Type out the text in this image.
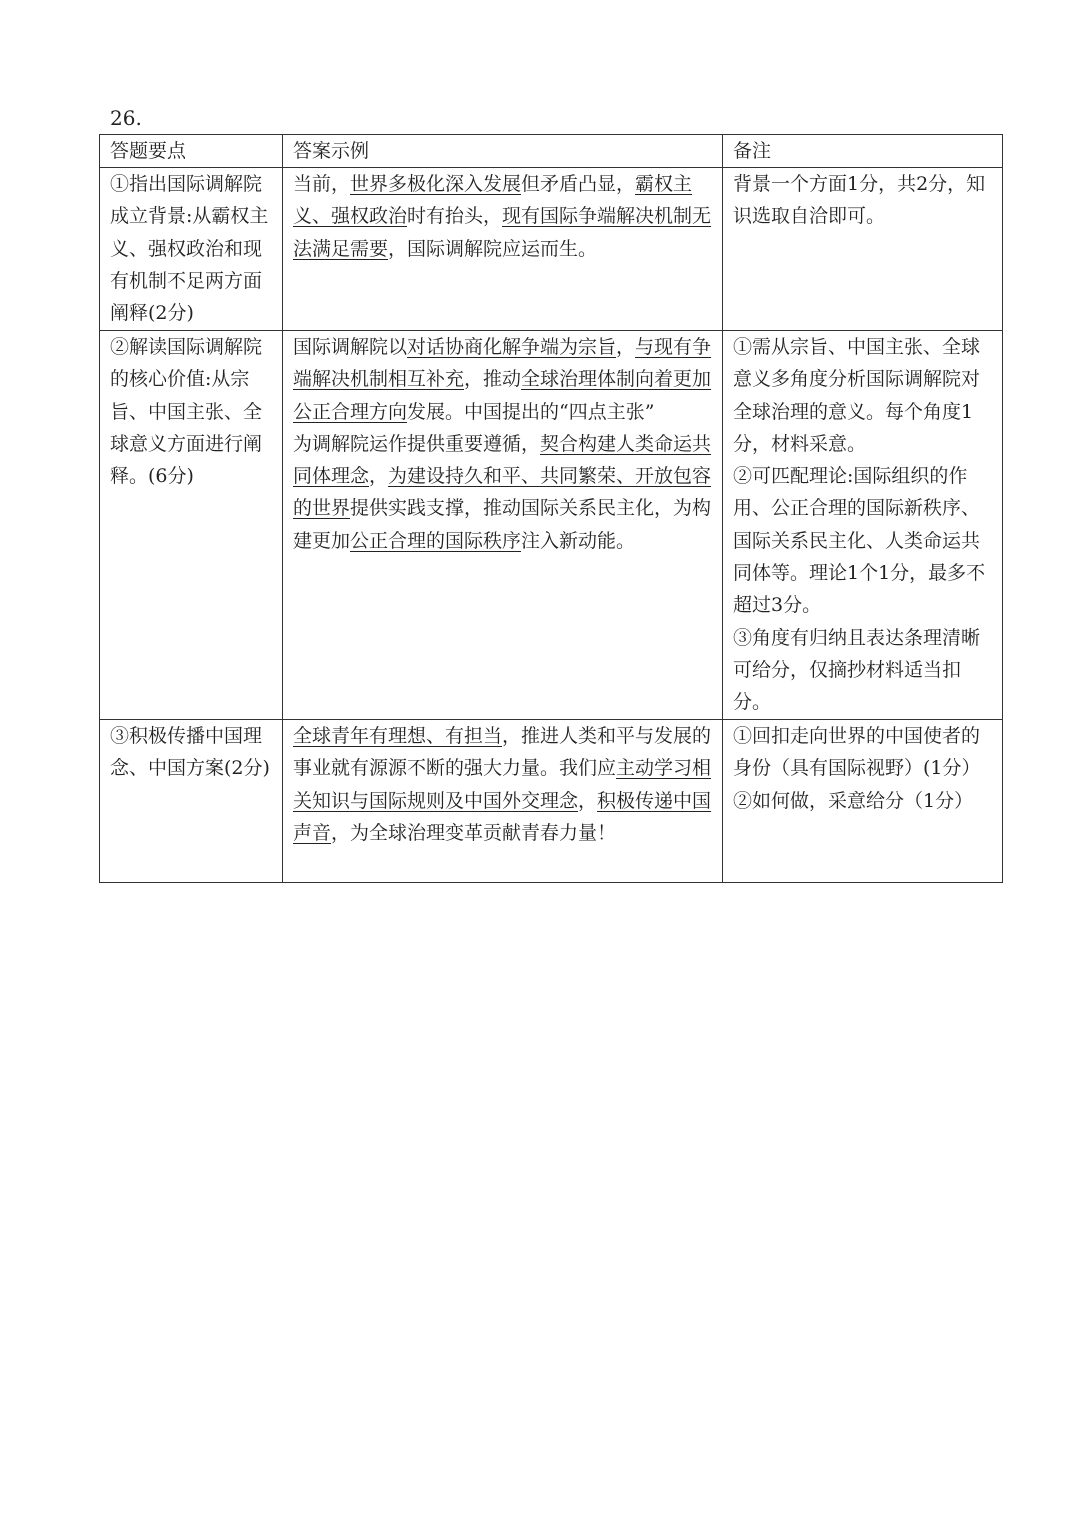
26.
答题要点	答案示例	备注
①指出国际调解院成立背景:从霸权主义、强权政治和现有机制不足两方面阐释(2分)	当前，世界多极化深入发展但矛盾凸显，霸权主义、强权政治时有抬头，现有国际争端解决机制无法满足需要，国际调解院应运而生。	背景一个方面1分，共2分，知识选取自洽即可。

②解读国际调解院的核心价值:从宗旨、中国主张、全球意义方面进行阐释。(6分)	国际调解院以对话协商化解争端为宗旨，与现有争端解决机制相互补充，推动全球治理体制向着更加公正合理方向发展。中国提出的“四点主张”
为调解院运作提供重要遵循，契合构建人类命运共同体理念，为建设持久和平、共同繁荣、开放包容的世界提供实践支撑，推动国际关系民主化，为构建更加公正合理的国际秩序注入新动能。	①需从宗旨、中国主张、全球意义多角度分析国际调解院对全球治理的意义。每个角度1分，材料采意。
②可匹配理论:国际组织的作用、公正合理的国际新秩序、国际关系民主化、人类命运共同体等。理论1个1分，最多不超过3分。
③角度有归纳且表达条理清晰可给分，仅摘抄材料适当扣分。

③积极传播中国理念、中国方案(2分)	全球青年有理想、有担当，推进人类和平与发展的事业就有源源不断的强大力量。我们应主动学习相关知识与国际规则及中国外交理念，积极传递中国声音，为全球治理变革贡献青春力量！	①回扣走向世界的中国使者的身份（具有国际视野）(1分）②如何做，采意给分（1分）
